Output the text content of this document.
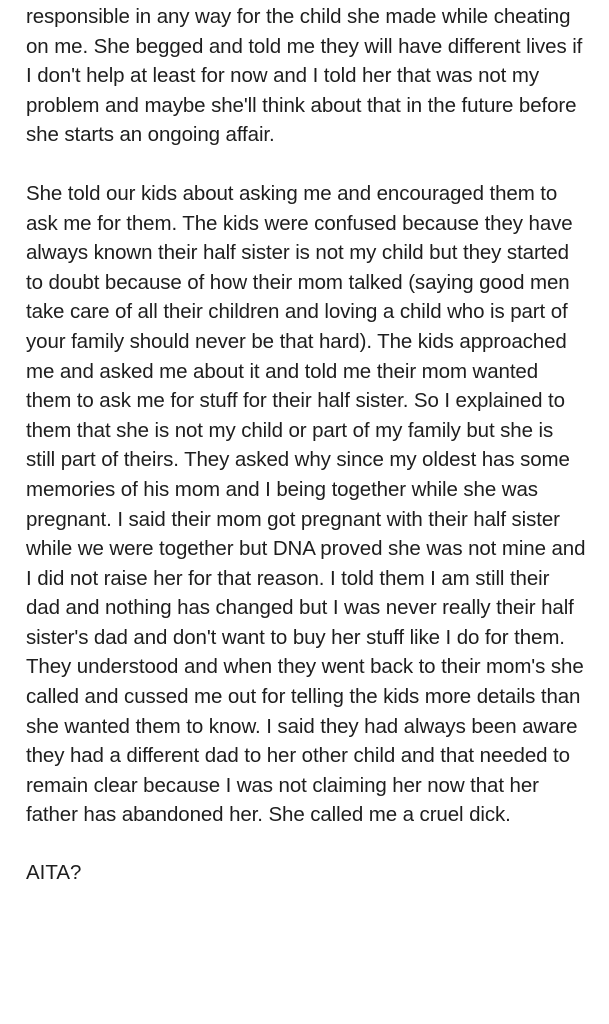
responsible in any way for the child she made while cheating on me. She begged and told me they will have different lives if I don't help at least for now and I told her that was not my problem and maybe she'll think about that in the future before she starts an ongoing affair.

She told our kids about asking me and encouraged them to ask me for them. The kids were confused because they have always known their half sister is not my child but they started to doubt because of how their mom talked (saying good men take care of all their children and loving a child who is part of your family should never be that hard). The kids approached me and asked me about it and told me their mom wanted them to ask me for stuff for their half sister. So I explained to them that she is not my child or part of my family but she is still part of theirs. They asked why since my oldest has some memories of his mom and I being together while she was pregnant. I said their mom got pregnant with their half sister while we were together but DNA proved she was not mine and I did not raise her for that reason. I told them I am still their dad and nothing has changed but I was never really their half sister's dad and don't want to buy her stuff like I do for them. They understood and when they went back to their mom's she called and cussed me out for telling the kids more details than she wanted them to know. I said they had always been aware they had a different dad to her other child and that needed to remain clear because I was not claiming her now that her father has abandoned her. She called me a cruel dick.

AITA?
